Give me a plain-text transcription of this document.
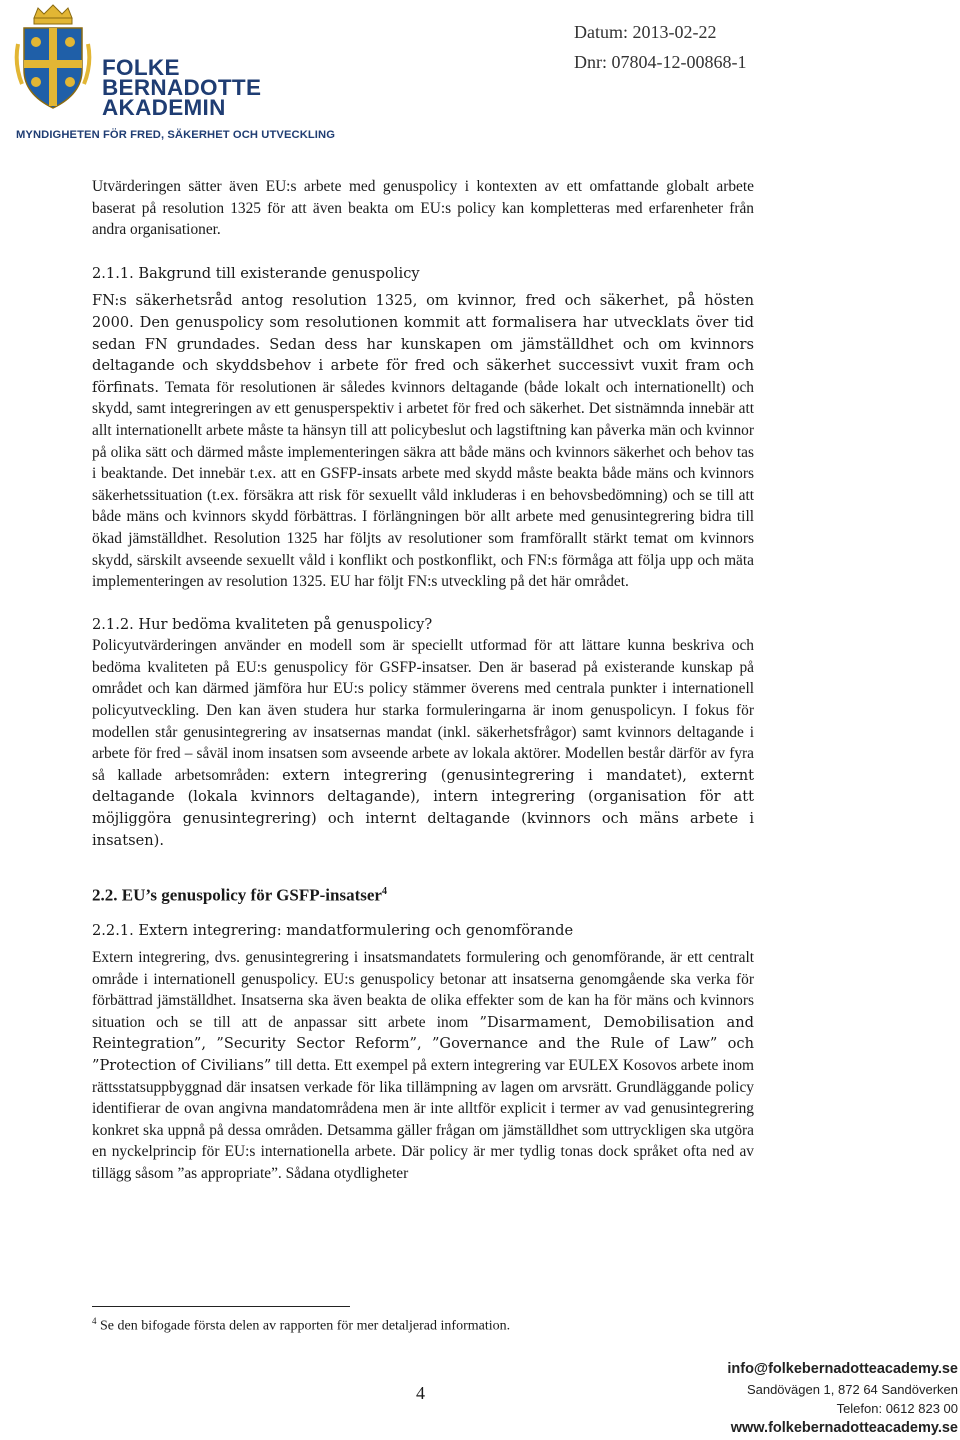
FOLKE
BERNADOTTE
AKADEMIN
MYNDIGHETEN FÖR FRED, SÄKERHET OCH UTVECKLING
Datum: 2013-02-22
Dnr: 07804-12-00868-1

Utvärderingen sätter även EU:s arbete med genuspolicy i kontexten av ett omfattande globalt arbete baserat på resolution 1325 för att även beakta om EU:s policy kan kompletteras med erfarenheter från andra organisationer.

2.1.1. Bakgrund till existerande genuspolicy

FN:s säkerhetsråd antog resolution 1325, om kvinnor, fred och säkerhet, på hösten 2000. Den genuspolicy som resolutionen kommit att formalisera har utvecklats över tid sedan FN grundades. Sedan dess har kunskapen om jämställdhet och om kvinnors deltagande och skyddsbehov i arbete för fred och säkerhet successivt vuxit fram och förfinats. Temata för resolutionen är således kvinnors deltagande (både lokalt och internationellt) och skydd, samt integreringen av ett genusperspektiv i arbetet för fred och säkerhet. Det sistnämnda innebär att allt internationellt arbete måste ta hänsyn till att policybeslut och lagstiftning kan påverka män och kvinnor på olika sätt och därmed måste implementeringen säkra att både mäns och kvinnors säkerhet och behov tas i beaktande. Det innebär t.ex. att en GSFP-insats arbete med skydd måste beakta både mäns och kvinnors säkerhetssituation (t.ex. försäkra att risk för sexuellt våld inkluderas i en behovsbedömning) och se till att både mäns och kvinnors skydd förbättras. I förlängningen bör allt arbete med genusintegrering bidra till ökad jämställdhet. Resolution 1325 har följts av resolutioner som framförallt stärkt temat om kvinnors skydd, särskilt avseende sexuellt våld i konflikt och postkonflikt, och FN:s förmåga att följa upp och mäta implementeringen av resolution 1325. EU har följt FN:s utveckling på det här området.

2.1.2. Hur bedöma kvaliteten på genuspolicy?

Policyutvärderingen använder en modell som är speciellt utformad för att lättare kunna beskriva och bedöma kvaliteten på EU:s genuspolicy för GSFP-insatser. Den är baserad på existerande kunskap på området och kan därmed jämföra hur EU:s policy stämmer överens med centrala punkter i internationell policyutveckling. Den kan även studera hur starka formuleringarna är inom genuspolicyn. I fokus för modellen står genusintegrering av insatsernas mandat (inkl. säkerhetsfrågor) samt kvinnors deltagande i arbete för fred – såväl inom insatsen som avseende arbete av lokala aktörer. Modellen består därför av fyra så kallade arbetsområden: extern integrering (genusintegrering i mandatet), externt deltagande (lokala kvinnors deltagande), intern integrering (organisation för att möjliggöra genusintegrering) och internt deltagande (kvinnors och mäns arbete i insatsen).

2.2. EU’s genuspolicy för GSFP-insatser$^4$

2.2.1. Extern integrering: mandatformulering och genomförande

Extern integrering, dvs. genusintegrering i insatsmandatets formulering och genomförande, är ett centralt område i internationell genuspolicy. EU:s genuspolicy betonar att insatserna genomgående ska verka för förbättrad jämställdhet. Insatserna ska även beakta de olika effekter som de kan ha för mäns och kvinnors situation och se till att de anpassar sitt arbete inom ”Disarmament, Demobilisation and Reintegration”, ”Security Sector Reform”, ”Governance and the Rule of Law” och ”Protection of Civilians” till detta. Ett exempel på extern integrering var EULEX Kosovos arbete inom rättsstatsuppbyggnad där insatsen verkade för lika tillämpning av lagen om arvsrätt. Grundläggande policy identifierar de ovan angivna mandatområdena men är inte alltför explicit i termer av vad genusintegrering konkret ska uppnå på dessa områden. Detsamma gäller frågan om jämställdhet som uttryckligen ska utgöra en nyckelprincip för EU:s internationella arbete. Där policy är mer tydlig tonas dock språket ofta ned av tillägg såsom ”as appropriate”. Sådana otydligheter

$^4$ Se den bifogade första delen av rapporten för mer detaljerad information.
4
info@folkebernadotteacademy.se
Sandövägen 1, 872 64 Sandöverken
Telefon: 0612 823 00
www.folkebernadotteacademy.se
